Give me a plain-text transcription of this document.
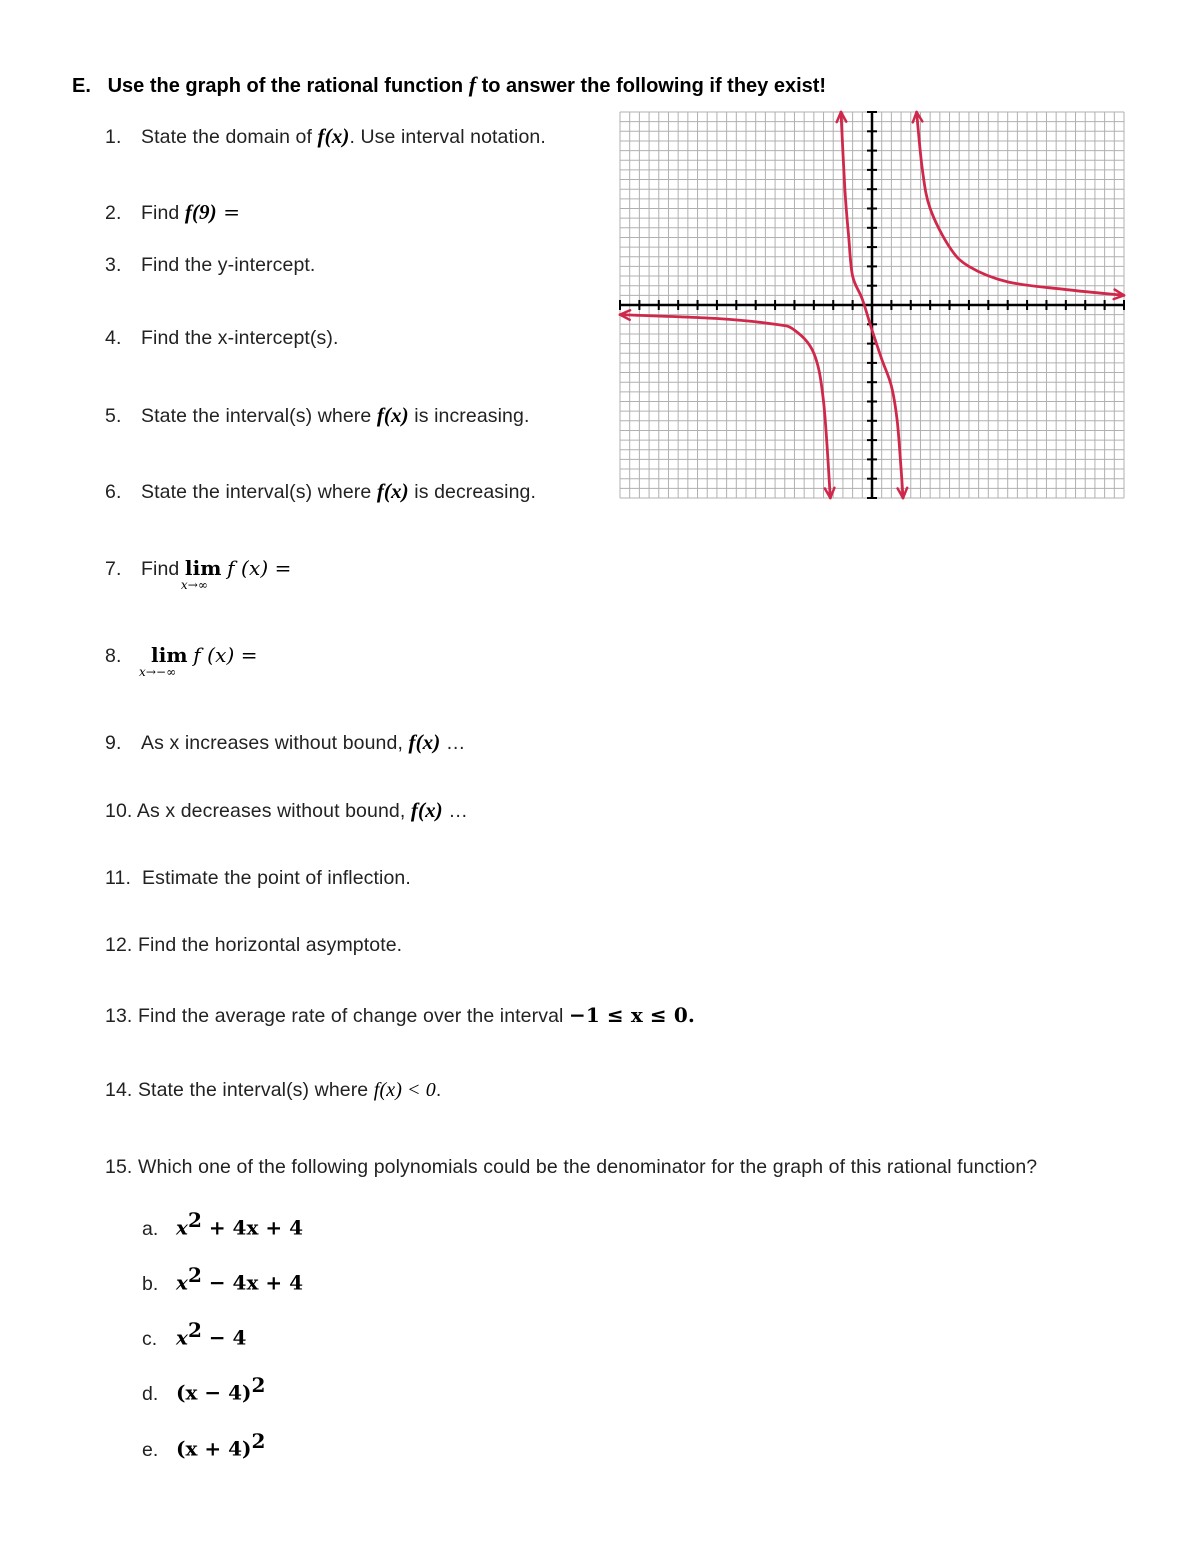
E. Use the graph of the rational function f to answer the following if they exist!
1. State the domain of f(x). Use interval notation.
2. Find f(9) =
3. Find the y-intercept.
4. Find the x-intercept(s).
5. State the interval(s) where f(x) is increasing.
6. State the interval(s) where f(x) is decreasing.
7. Find lim
x→∞
f (x) =
8. lim
x→−∞
f (x) =
9. As x increases without bound, f(x) …
10. As x decreases without bound, f(x) …
11. Estimate the point of inflection.
12. Find the horizontal asymptote.
13. Find the average rate of change over the interval −1 ≤ x ≤ 0.
14. State the interval(s) where f(x) < 0.
15. Which one of the following polynomials could be the denominator for the graph of this rational function?
a. $x^2 + 4x + 4$
b. $x^2 - 4x + 4$
c. $x^2 - 4$
d. $(x - 4)^2$
e. $(x + 4)^2$
